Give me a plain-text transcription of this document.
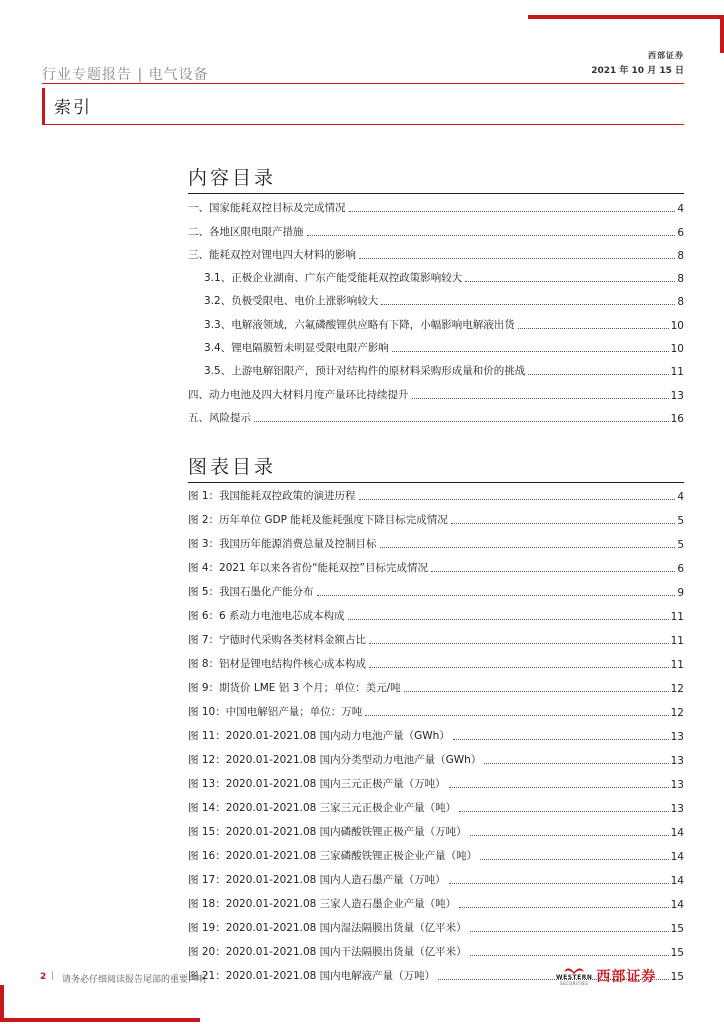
行业专题报告 | 电气设备
西部证券
2021 年 10 月 15 日
索引
内容目录
一、国家能耗双控目标及完成情况	4
二、各地区限电限产措施	6
三、能耗双控对锂电四大材料的影响	8
3.1、正极企业湖南、广东产能受能耗双控政策影响较大	8
3.2、负极受限电、电价上涨影响较大	8
3.3、电解液领域，六氟磷酸锂供应略有下降，小幅影响电解液出货	10
3.4、锂电隔膜暂未明显受限电限产影响	10
3.5、上游电解铝限产，预计对结构件的原材料采购形成量和价的挑战	11
四、动力电池及四大材料月度产量环比持续提升	13
五、风险提示	16
图表目录
图 1：我国能耗双控政策的演进历程	4
图 2：历年单位 GDP 能耗及能耗强度下降目标完成情况	5
图 3：我国历年能源消费总量及控制目标	5
图 4：2021 年以来各省份“能耗双控”目标完成情况	6
图 5：我国石墨化产能分布	9
图 6：6 系动力电池电芯成本构成	11
图 7：宁德时代采购各类材料金额占比	11
图 8：铝材是锂电结构件核心成本构成	11
图 9：期货价 LME 铝 3 个月；单位：美元/吨	12
图 10：中国电解铝产量；单位：万吨	12
图 11：2020.01-2021.08 国内动力电池产量（GWh）	13
图 12：2020.01-2021.08 国内分类型动力电池产量（GWh）	13
图 13：2020.01-2021.08 国内三元正极产量（万吨）	13
图 14：2020.01-2021.08 三家三元正极企业产量（吨）	13
图 15：2020.01-2021.08 国内磷酸铁锂正极产量（万吨）	14
图 16：2020.01-2021.08 三家磷酸铁锂正极企业产量（吨）	14
图 17：2020.01-2021.08 国内人造石墨产量（万吨）	14
图 18：2020.01-2021.08 三家人造石墨企业产量（吨）	14
图 19：2020.01-2021.08 国内湿法隔膜出货量（亿平米）	15
图 20：2020.01-2021.08 国内干法隔膜出货量（亿平米）	15
图 21：2020.01-2021.08 国内电解液产量（万吨）	15
2 | 请务必仔细阅读报告尾部的重要声明	WESTERN
SECURITIES 西部证券
